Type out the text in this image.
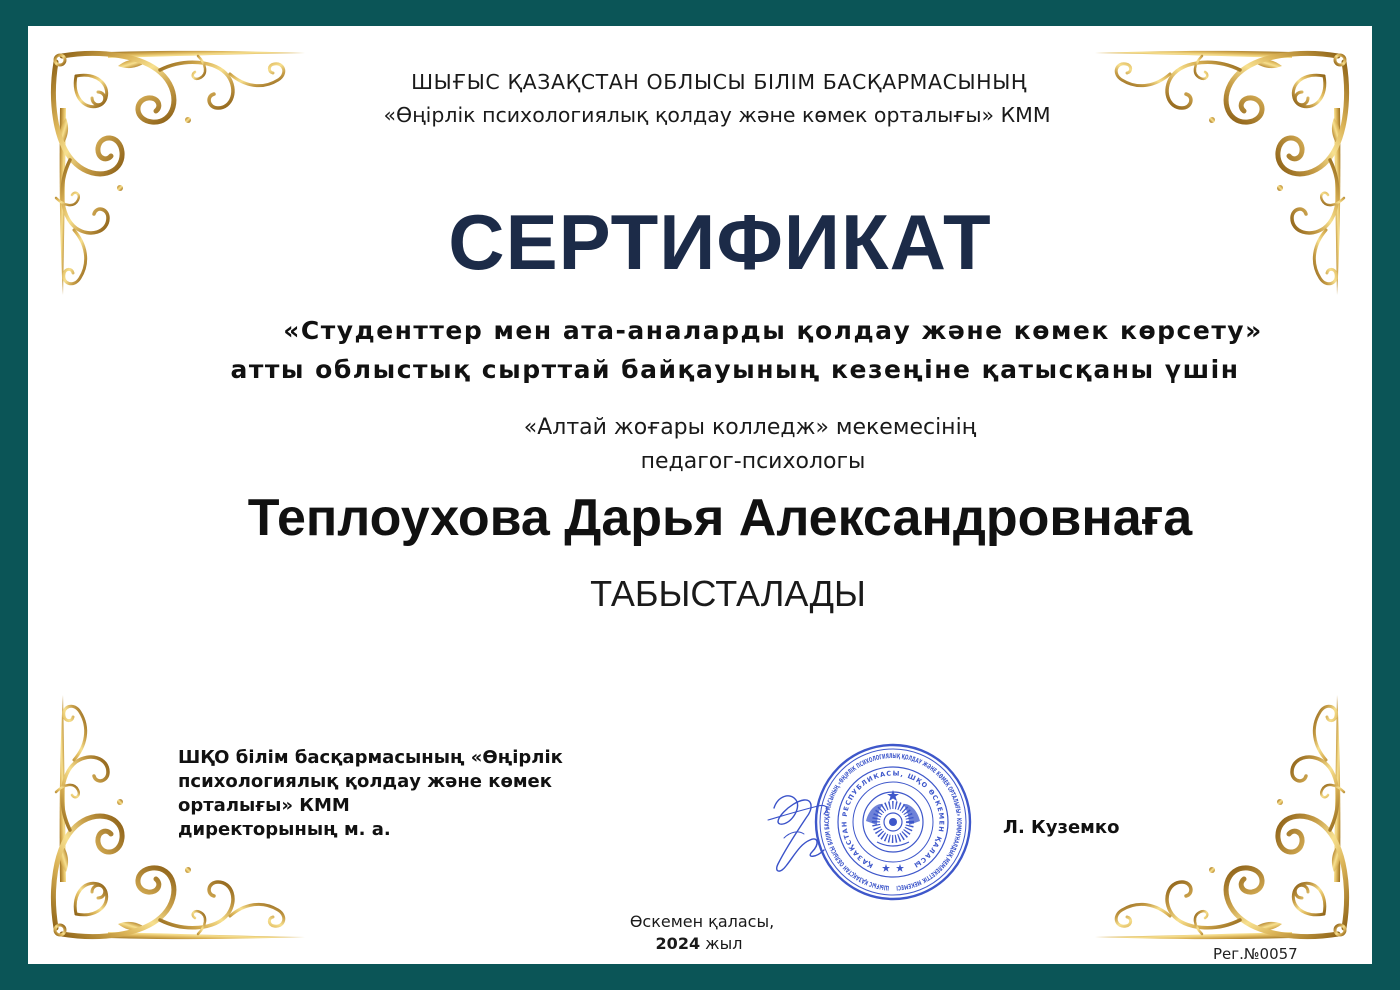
ШЫҒЫС ҚАЗАҚСТАН ОБЛЫСЫ БІЛІМ БАСҚАРМАСЫНЫҢ
«Өңірлік психологиялық қолдау және көмек орталығы» КММ
СЕРТИФИКАТ
«Студенттер мен ата-аналарды қолдау және көмек көрсету»
атты облыстық сырттай байқауының кезеңіне қатысқаны үшін
«Алтай жоғары колледж» мекемесінің
педагог-психологы
Теплоухова Дарья Александровнаға
ТАБЫСТАЛАДЫ
ШҚО білім басқармасының «Өңірлік
психологиялық қолдау және көмек
орталығы» КММ
директорының м. а.
ШЫҒЫС ҚАЗАҚСТАН ОБЛЫСЫ БІЛІМ БАСҚАРМАСЫНЫҢ «ӨҢІРЛІК ПСИХОЛОГИЯЛЫҚ ҚОЛДАУ ЖӘНЕ КӨМЕК ОРТАЛЫҒЫ» КОММУНАЛДЫҚ МЕМЛЕКЕТТІК МЕКЕМЕСІ
ҚАЗАҚСТАН РЕСПУБЛИКАСЫ, ШҚО ӨСКЕМЕН ҚАЛАСЫ
Л. Куземко
Өскемен қаласы,
2024 жыл
Рег.№0057
